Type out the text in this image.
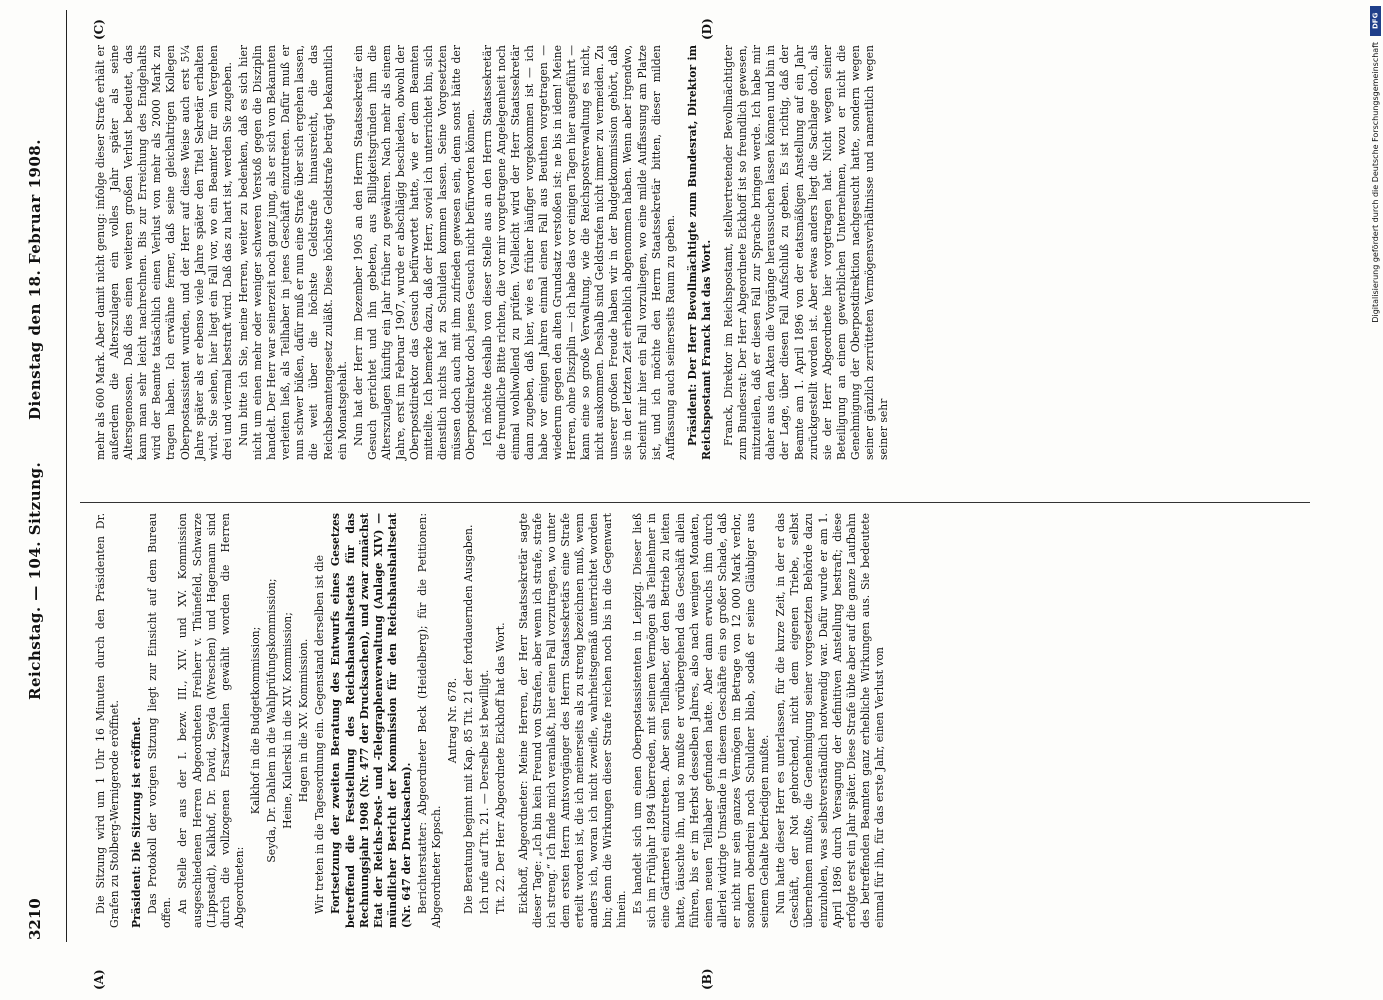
3210
Reichstag. — 104. Sitzung.
Dienstag den 18. Februar 1908.
(A)	(B)
(C)	(D)

Die Sitzung wird um 1 Uhr 16 Minuten durch den Präsidenten Dr. Grafen zu Stolberg-Wernigerode eröffnet. Präsident: Die Sitzung ist eröffnet. Das Protokoll der vorigen Sitzung liegt zur Einsicht auf dem Bureau offen. An Stelle der aus der I. bezw. III., XIV. und XV. Kommission ausgeschiedenen Herren Abgeordneten Freiherr v. Thünefeld, Schwarze (Lippstadt), Kalkhof, Dr. David, Seyda (Wreschen) und Hagemann sind durch die vollzogenen Ersatzwahlen gewählt worden die Herren Abgeordneten:

Kalkhof in die Budgetkommission; Seyda, Dr. Dahlem in die Wahlprüfungskommission; Heine, Kulerski in die XIV. Kommission; Hagen in die XV. Kommission. Wir treten in die Tagesordnung ein. Gegenstand derselben ist die Fortsetzung der zweiten Beratung des Entwurfs eines Gesetzes betreffend die Feststellung des Reichshaushaltsetats für das Rechnungsjahr 1908 (Nr. 477 der Drucksachen), und zwar zunächst Etat der Reichs-Post- und -Telegraphenverwaltung (Anlage XIV) — mündlicher Bericht der Kommission für den Reichshaushaltsetat (Nr. 647 der Drucksachen). Berichterstatter: Abgeordneter Beck (Heidelberg); für die Petitionen: Abgeordneter Kopsch.

Antrag Nr. 678. Die Beratung beginnt mit Kap. 85 Tit. 21 der fortdauernden Ausgaben. Ich rufe auf Tit. 21. — Derselbe ist bewilligt. Tit. 22. Der Herr Abgeordnete Eickhoff hat das Wort. Eickhoff, Abgeordneter: Meine Herren, der Herr Staatssekretär sagte dieser Tage: „Ich bin kein Freund von Strafen, aber wenn ich strafe, strafe ich streng.“ Ich finde mich veranlaßt, hier einen Fall vorzutragen, wo unter dem ersten Herrn Amtsvorgänger des Herrn Staatssekretärs eine Strafe erteilt worden ist, die ich meinerseits als zu streng bezeichnen muß, wenn anders ich, woran ich nicht zweifle, wahrheitsgemäß unterrichtet worden bin; denn die Wirkungen dieser Strafe reichen noch bis in die Gegenwart hinein. Es handelt sich um einen Oberpostassistenten in Leipzig. Dieser ließ sich im Frühjahr 1894 überreden, mit seinem Vermögen als Teilnehmer in eine Gärtnerei einzutreten. Aber sein Teilhaber, der den Betrieb zu leiten hatte, täuschte ihn, und so mußte er vorübergehend das Geschäft allein führen, bis er im Herbst desselben Jahres, also nach wenigen Monaten, einen neuen Teilhaber gefunden hatte. Aber dann erwuchs ihm durch allerlei widrige Umstände in diesem Geschäfte ein so großer Schade, daß er nicht nur sein ganzes Vermögen im Betrage von 12 000 Mark verlor, sondern obendrein noch Schuldner blieb, sodaß er seine Gläubiger aus seinem Gehalte befriedigen mußte. Nun hatte dieser Herr es unterlassen, für die kurze Zeit, in der er das Geschäft, der Not gehorchend, nicht dem eigenen Triebe, selbst übernehmen mußte, die Genehmigung seiner vorgesetzten Behörde dazu einzuholen, was selbstverständlich notwendig war. Dafür wurde er am 1. April 1896 durch Versagung der definitiven Anstellung bestraft; diese erfolgte erst ein Jahr später. Diese Strafe übte aber auf die ganze Laufbahn des betreffenden Beamten ganz erhebliche Wirkungen aus. Sie bedeutete einmal für ihn, für das erste Jahr, einen Verlust von

mehr als 600 Mark. Aber damit nicht genug: infolge dieser Strafe erhält er außerdem die Alterszulagen ein volles Jahr später als seine Altersgenossen. Daß dies einen weiteren großen Verlust bedeutet, das kann man sehr leicht nachrechnen. Bis zur Erreichung des Endgehalts wird der Beamte tatsächlich einen Verlust von mehr als 2000 Mark zu tragen haben. Ich erwähne ferner, daß seine gleichaltrigen Kollegen Oberpostassistent wurden, und der Herr auf diese Weise auch erst 5¼ Jahre später als er ebenso viele Jahre später den Titel Sekretär erhalten wird. Sie sehen, hier liegt ein Fall vor, wo ein Beamter für ein Vergehen drei und viermal bestraft wird. Daß das zu hart ist, werden Sie zugeben. Nun bitte ich Sie, meine Herren, weiter zu bedenken, daß es sich hier nicht um einen mehr oder weniger schweren Verstoß gegen die Disziplin handelt. Der Herr war seinerzeit noch ganz jung, als er sich von Bekannten verleiten ließ, als Teilhaber in jenes Geschäft einzutreten. Dafür muß er nun schwer büßen, dafür muß er nun eine Strafe über sich ergehen lassen, die weit über die höchste Geldstrafe hinausreicht, die das Reichsbeamtengesetz zuläßt. Diese höchste Geldstrafe beträgt bekanntlich ein Monatsgehalt. Nun hat der Herr im Dezember 1905 an den Herrn Staatssekretär ein Gesuch gerichtet und ihn gebeten, aus Billigkeitsgründen ihm die Alterszulagen künftig ein Jahr früher zu gewähren. Nach mehr als einem Jahre, erst im Februar 1907, wurde er abschlägig beschieden, obwohl der Oberpostdirektor das Gesuch befürwortet hatte, wie er dem Beamten mitteilte. Ich bemerke dazu, daß der Herr, soviel ich unterrichtet bin, sich dienstlich nichts hat zu Schulden kommen lassen. Seine Vorgesetzten müssen doch auch mit ihm zufrieden gewesen sein, denn sonst hätte der Oberpostdirektor doch jenes Gesuch nicht befürworten können. Ich möchte deshalb von dieser Stelle aus an den Herrn Staatssekretär die freundliche Bitte richten, die vor mir vorgetragene Angelegenheit noch einmal wohlwollend zu prüfen. Vielleicht wird der Herr Staatssekretär dann zugeben, daß hier, wie es früher häufiger vorgekommen ist — ich habe vor einigen Jahren einmal einen Fall aus Beuthen vorgetragen — wiederum gegen den alten Grundsatz verstoßen ist: ne bis in idem! Meine Herren, ohne Disziplin — ich habe das vor einigen Tagen hier ausgeführt — kann eine so große Verwaltung, wie die Reichspostverwaltung es nicht, nicht auskommen. Deshalb sind Geldstrafen nicht immer zu vermeiden. Zu unserer großen Freude haben wir in der Budgetkommission gehört, daß sie in der letzten Zeit erheblich abgenommen haben. Wenn aber irgendwo, scheint mir hier ein Fall vorzuliegen, wo eine milde Auffassung am Platze ist, und ich möchte den Herrn Staatssekretär bitten, dieser milden Auffassung auch seinerseits Raum zu geben. Präsident: Der Herr Bevollmächtigte zum Bundesrat, Direktor im Reichspostamt Franck hat das Wort. Franck, Direktor im Reichspostamt, stellvertretender Bevollmächtigter zum Bundesrat: Der Herr Abgeordnete Eickhoff ist so freundlich gewesen, mitzuteilen, daß er diesen Fall zur Sprache bringen werde. Ich habe mir daher aus den Akten die Vorgänge heraussuchen lassen können und bin in der Lage, über diesen Fall Aufschluß zu geben. Es ist richtig, daß der Beamte am 1. April 1896 von der etatsmäßigen Anstellung auf ein Jahr zurückgestellt worden ist. Aber etwas anders liegt die Sachlage doch, als sie der Herr Abgeordnete hier vorgetragen hat. Nicht wegen seiner Beteiligung an einem gewerblichen Unternehmen, wozu er nicht die Genehmigung der Oberpostdirektion nachgesucht hatte, sondern wegen seiner gänzlich zerrütteten Vermögensverhältnisse und namentlich wegen seiner sehr

DFG
Digitalisierung gefördert durch die Deutsche Forschungsgemeinschaft
